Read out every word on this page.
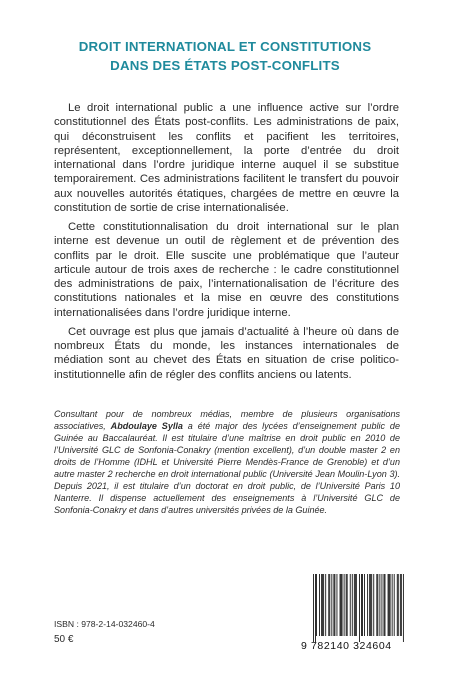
DROIT INTERNATIONAL ET CONSTITUTIONS
DANS DES ÉTATS POST-CONFLITS

Le droit international public a une influence active sur l’ordre constitutionnel des États post-conflits. Les administrations de paix, qui déconstruisent les conflits et pacifient les territoires, représentent, exceptionnellement, la porte d’entrée du droit international dans l’ordre juridique interne auquel il se substitue temporairement. Ces administrations facilitent le transfert du pouvoir aux nouvelles autorités étatiques, chargées de mettre en œuvre la constitution de sortie de crise internationalisée.

Cette constitutionnalisation du droit international sur le plan interne est devenue un outil de règlement et de prévention des conflits par le droit. Elle suscite une problématique que l’auteur articule autour de trois axes de recherche : le cadre constitutionnel des administrations de paix, l’internationalisation de l’écriture des constitutions nationales et la mise en œuvre des constitutions internationalisées dans l’ordre juridique interne.

Cet ouvrage est plus que jamais d’actualité à l’heure où dans de nombreux États du monde, les instances internationales de médiation sont au chevet des États en situation de crise politico-institutionnelle afin de régler des conflits anciens ou latents.

Consultant pour de nombreux médias, membre de plusieurs organisations associatives, Abdoulaye Sylla a été major des lycées d’enseignement public de Guinée au Baccalauréat. Il est titulaire d’une maîtrise en droit public en 2010 de l’Université GLC de Sonfonia-Conakry (mention excellent), d’un double master 2 en droits de l’Homme (IDHL et Université Pierre Mendès-France de Grenoble) et d’un autre master 2 recherche en droit international public (Université Jean Moulin-Lyon 3). Depuis 2021, il est titulaire d’un doctorat en droit public, de l’Université Paris 10 Nanterre. Il dispense actuellement des enseignements à l’Université GLC de Sonfonia-Conakry et dans d’autres universités privées de la Guinée.
ISBN : 978-2-14-032460-4
50 €
9 782140 324604
